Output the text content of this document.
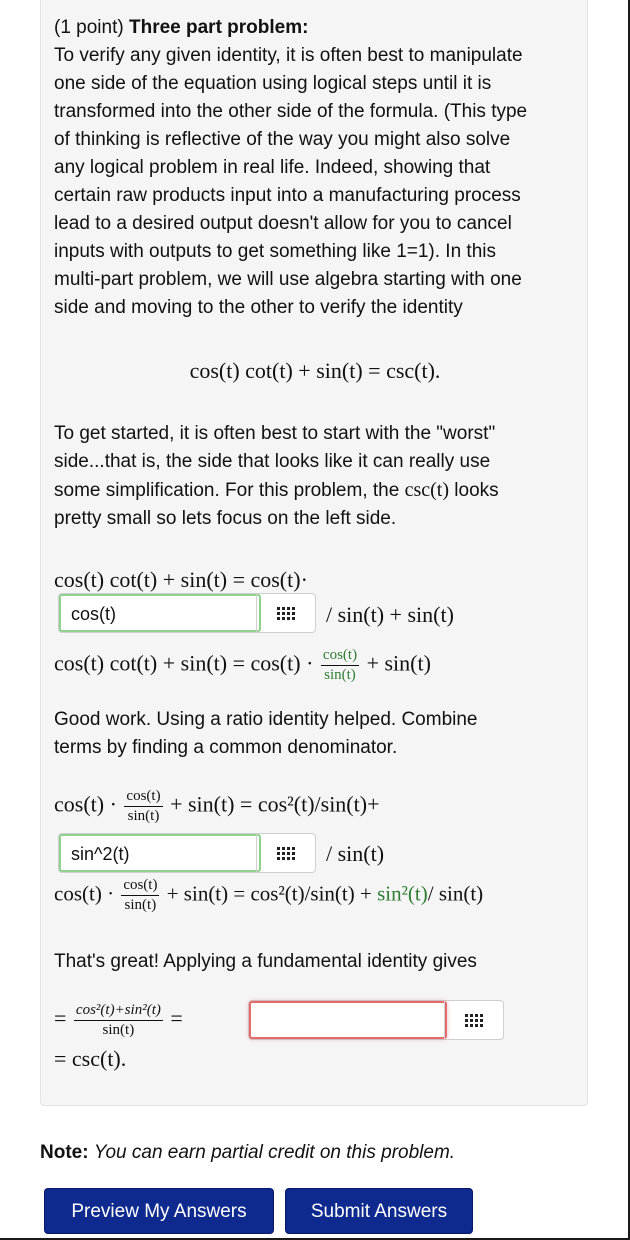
(1 point) Three part problem:

To verify any given identity, it is often best to manipulate

one side of the equation using logical steps until it is

transformed into the other side of the formula. (This type

of thinking is reflective of the way you might also solve

any logical problem in real life. Indeed, showing that

certain raw products input into a manufacturing process

lead to a desired output doesn't allow for you to cancel

inputs with outputs to get something like 1=1). In this

multi-part problem, we will use algebra starting with one

side and moving to the other to verify the identity

cos(t) cot(t) + sin(t) = csc(t).

To get started, it is often best to start with the "worst"

side...that is, the side that looks like it can really use

some simplification. For this problem, the csc(t) looks

pretty small so lets focus on the left side.

cos(t) cot(t) + sin(t) = cos(t)·
cos(t)	/ sin(t) + sin(t)
cos(t) $\cot(t) + \sin(t) = \cos(t) \cdot \frac{\cos(t)}{\sin(t)} + \sin(t)$

Good work. Using a ratio identity helped. Combine

terms by finding a common denominator.

$\cos(t) \cdot \frac{\cos(t)}{\sin(t)} + \sin(t) = \cos^2(t)/\sin(t)+$
sin^2(t)	/ sin(t)
$\cos(t) \cdot \frac{\cos(t)}{\sin(t)} + \sin(t) = \cos^2(t)/\sin(t) + \sin^2(t)/$ sin(t)
That's great! Applying a fundamental identity gives
= $\frac{\text{cos²(t)+sin²(t)}}{\sin(t)}$ =
= csc(t).
Note: You can earn partial credit on this problem.
Preview My Answers	Submit Answers
